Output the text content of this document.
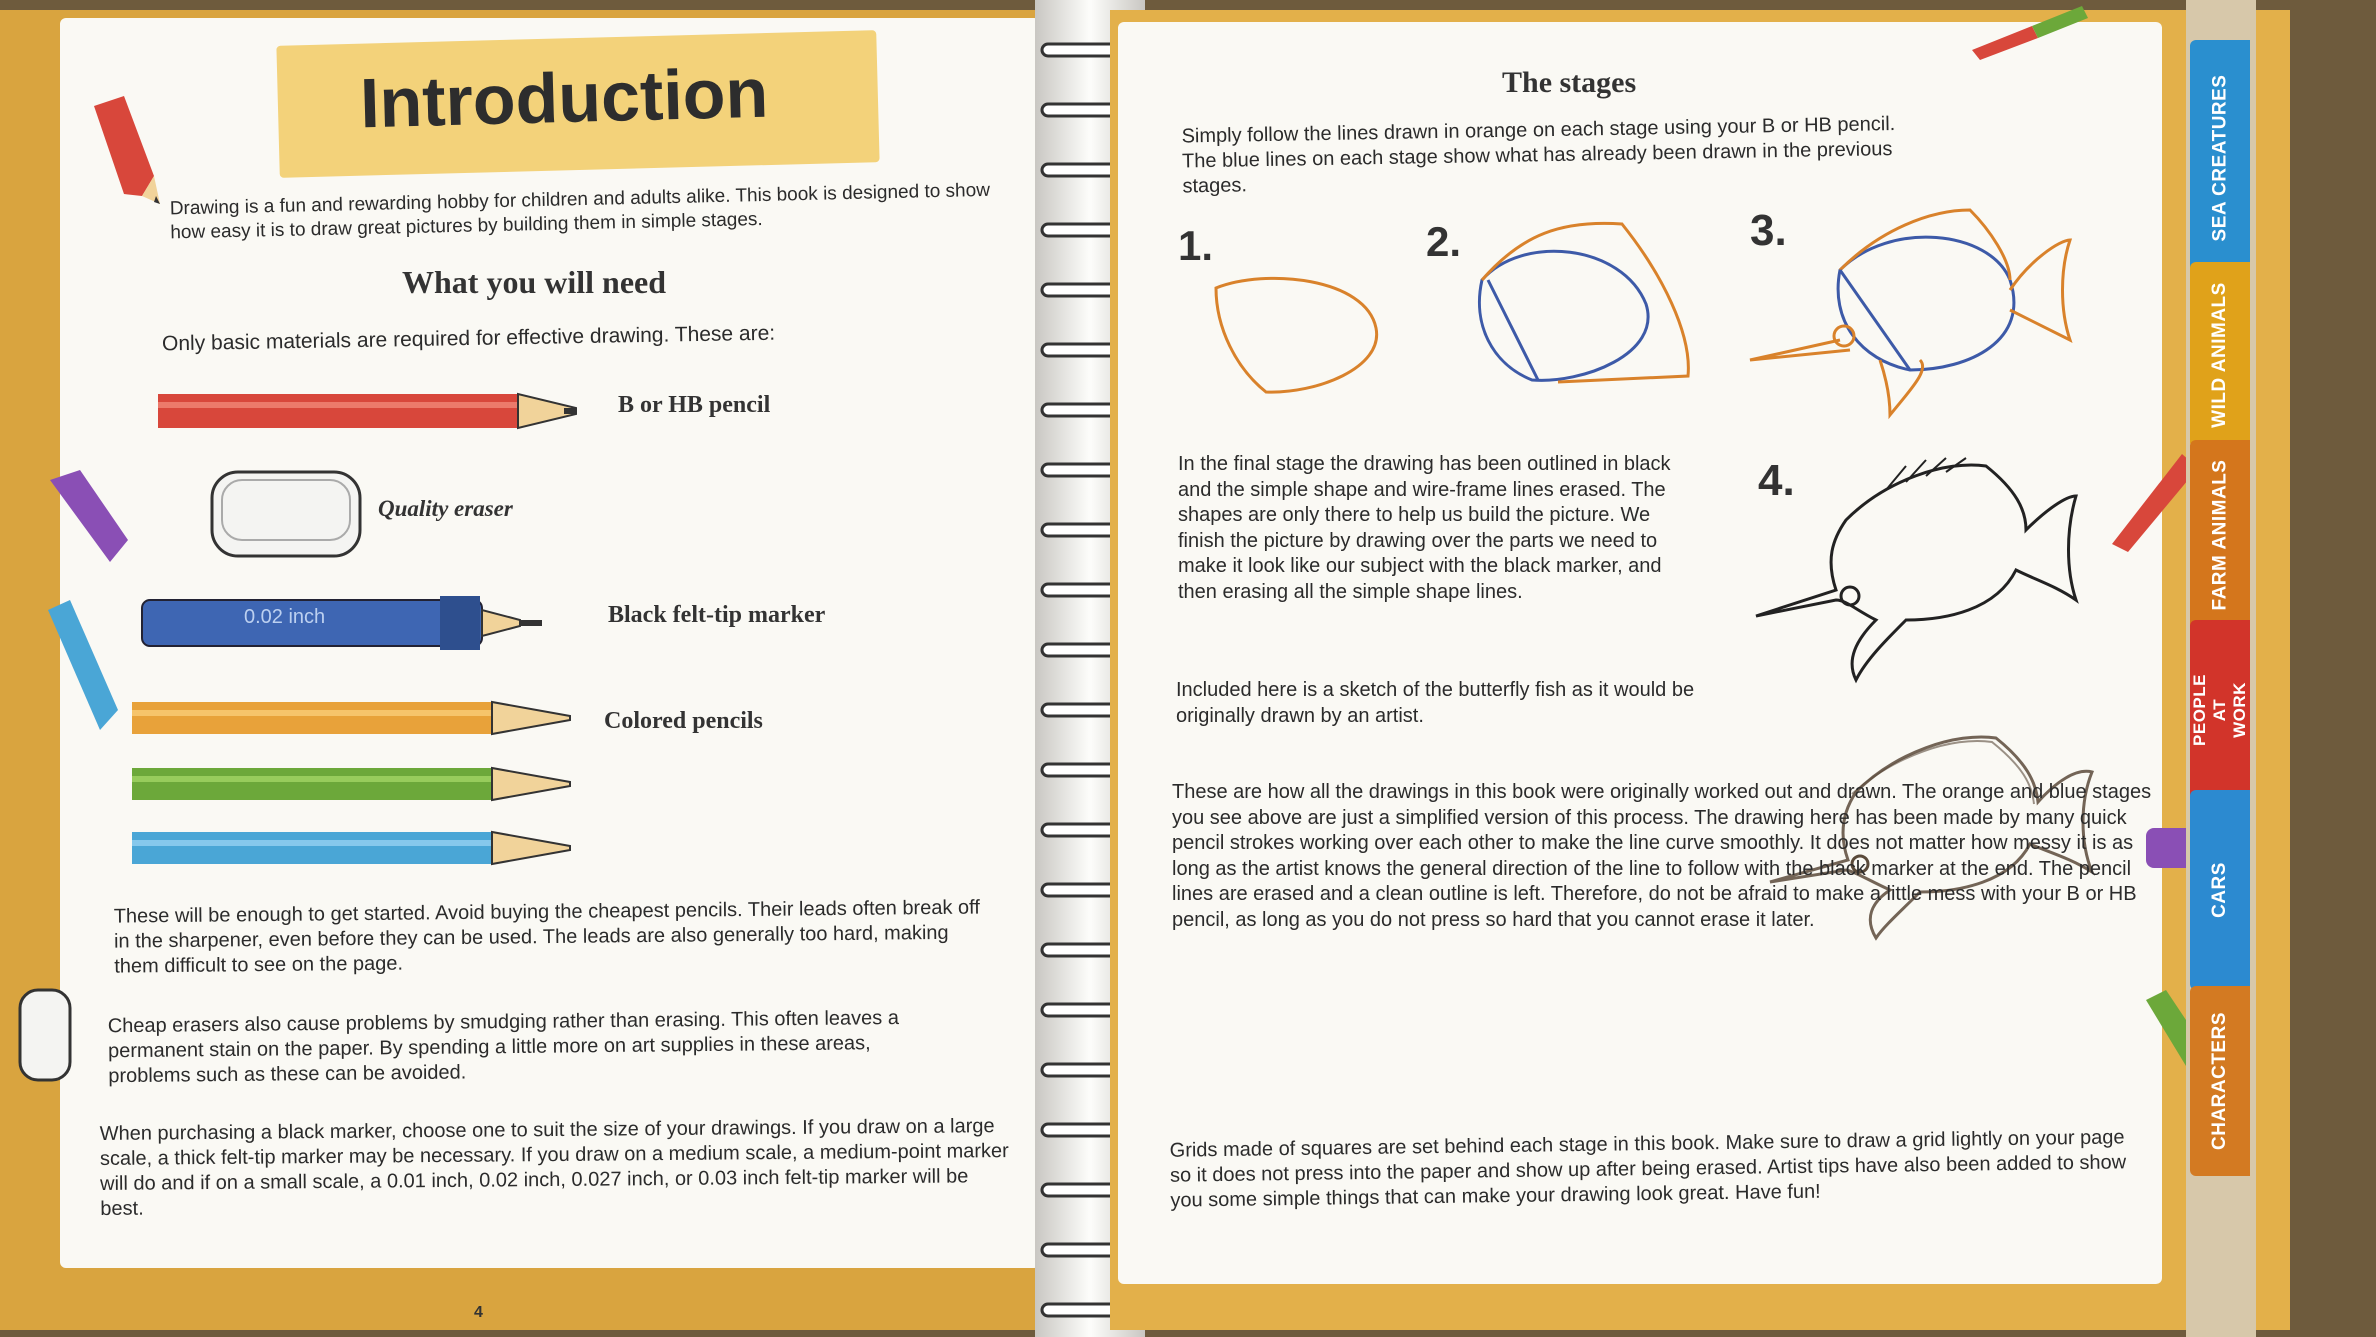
Introduction
Drawing is a fun and rewarding hobby for children and adults alike. This book is designed to show how easy it is to draw great pictures by building them in simple stages.
What you will need
Only basic materials are required for effective drawing. These are:
B or HB pencil
Quality eraser
0.02 inch	Black felt-tip marker
Colored pencils
These will be enough to get started. Avoid buying the cheapest pencils. Their leads often break off in the sharpener, even before they can be used. The leads are also generally too hard, making them difficult to see on the page.
Cheap erasers also cause problems by smudging rather than erasing. This often leaves a permanent stain on the paper. By spending a little more on art supplies in these areas, problems such as these can be avoided.
When purchasing a black marker, choose one to suit the size of your drawings. If you draw on a large scale, a thick felt-tip marker may be necessary. If you draw on a medium scale, a medium-point marker will do and if on a small scale, a 0.01 inch, 0.02 inch, 0.027 inch, or 0.03 inch felt-tip marker will be best.
4
The stages
Simply follow the lines drawn in orange on each stage using your B or HB pencil. The blue lines on each stage show what has already been drawn in the previous stages.
1.	2.	3.
4.
In the final stage the drawing has been outlined in black and the simple shape and wire-frame lines erased. The shapes are only there to help us build the picture. We finish the picture by drawing over the parts we need to make it look like our subject with the black marker, and then erasing all the simple shape lines.
Included here is a sketch of the butterfly fish as it would be originally drawn by an artist.
These are how all the drawings in this book were originally worked out and drawn. The orange and blue stages you see above are just a simplified version of this process. The drawing here has been made by many quick pencil strokes working over each other to make the line curve smoothly. It does not matter how messy it is as long as the artist knows the general direction of the line to follow with the black marker at the end. The pencil lines are erased and a clean outline is left. Therefore, do not be afraid to make a little mess with your B or HB pencil, as long as you do not press so hard that you cannot erase it later.
Grids made of squares are set behind each stage in this book. Make sure to draw a grid lightly on your page so it does not press into the paper and show up after being erased. Artist tips have also been added to show you some simple things that can make your drawing look great. Have fun!
SEA CREATURES
WILD ANIMALS
FARM ANIMALS
PEOPLE AT WORK
CARS
CHARACTERS
